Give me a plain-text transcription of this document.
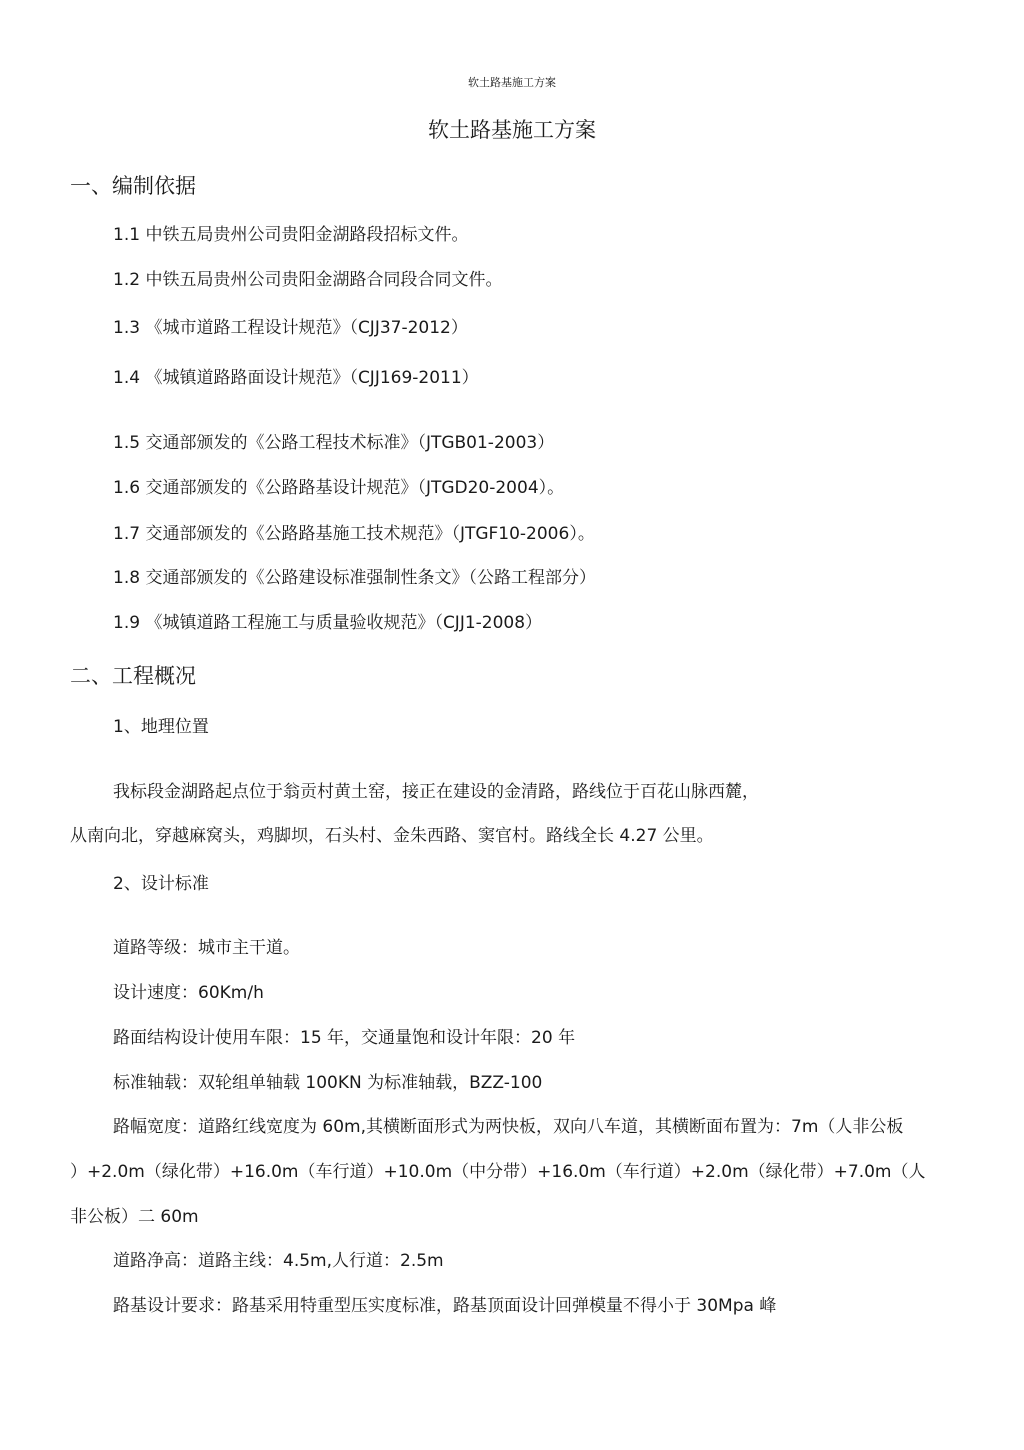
软土路基施工方案
软土路基施工方案
一、编制依据
1.1 中铁五局贵州公司贵阳金湖路段招标文件。
1.2 中铁五局贵州公司贵阳金湖路合同段合同文件。
1.3 《城市道路工程设计规范》（CJJ37-2012）
1.4 《城镇道路路面设计规范》（CJJ169-2011）
1.5 交通部颁发的《公路工程技术标准》（JTGB01-2003）
1.6 交通部颁发的《公路路基设计规范》（JTGD20-2004）。
1.7 交通部颁发的《公路路基施工技术规范》（JTGF10-2006）。
1.8 交通部颁发的《公路建设标准强制性条文》（公路工程部分）
1.9 《城镇道路工程施工与质量验收规范》（CJJ1-2008）
二、工程概况
1、地理位置
我标段金湖路起点位于翁贡村黄土窑，接正在建设的金清路，路线位于百花山脉西麓，
从南向北，穿越麻窝头，鸡脚坝，石头村、金朱西路、窦官村。路线全长 4.27 公里。
2、设计标准
道路等级：城市主干道。
设计速度：60Km/h
路面结构设计使用车限：15 年，交通量饱和设计年限：20 年
标准轴载：双轮组单轴载 100KN 为标准轴载，BZZ-100
路幅宽度：道路红线宽度为 60m,其横断面形式为两快板，双向八车道，其横断面布置为：7m（人非公板
）+2.0m（绿化带）+16.0m（车行道）+10.0m（中分带）+16.0m（车行道）+2.0m（绿化带）+7.0m（人
非公板）二 60m
道路净高：道路主线：4.5m,人行道：2.5m
路基设计要求：路基采用特重型压实度标准，路基顶面设计回弹模量不得小于 30Mpa 峰
